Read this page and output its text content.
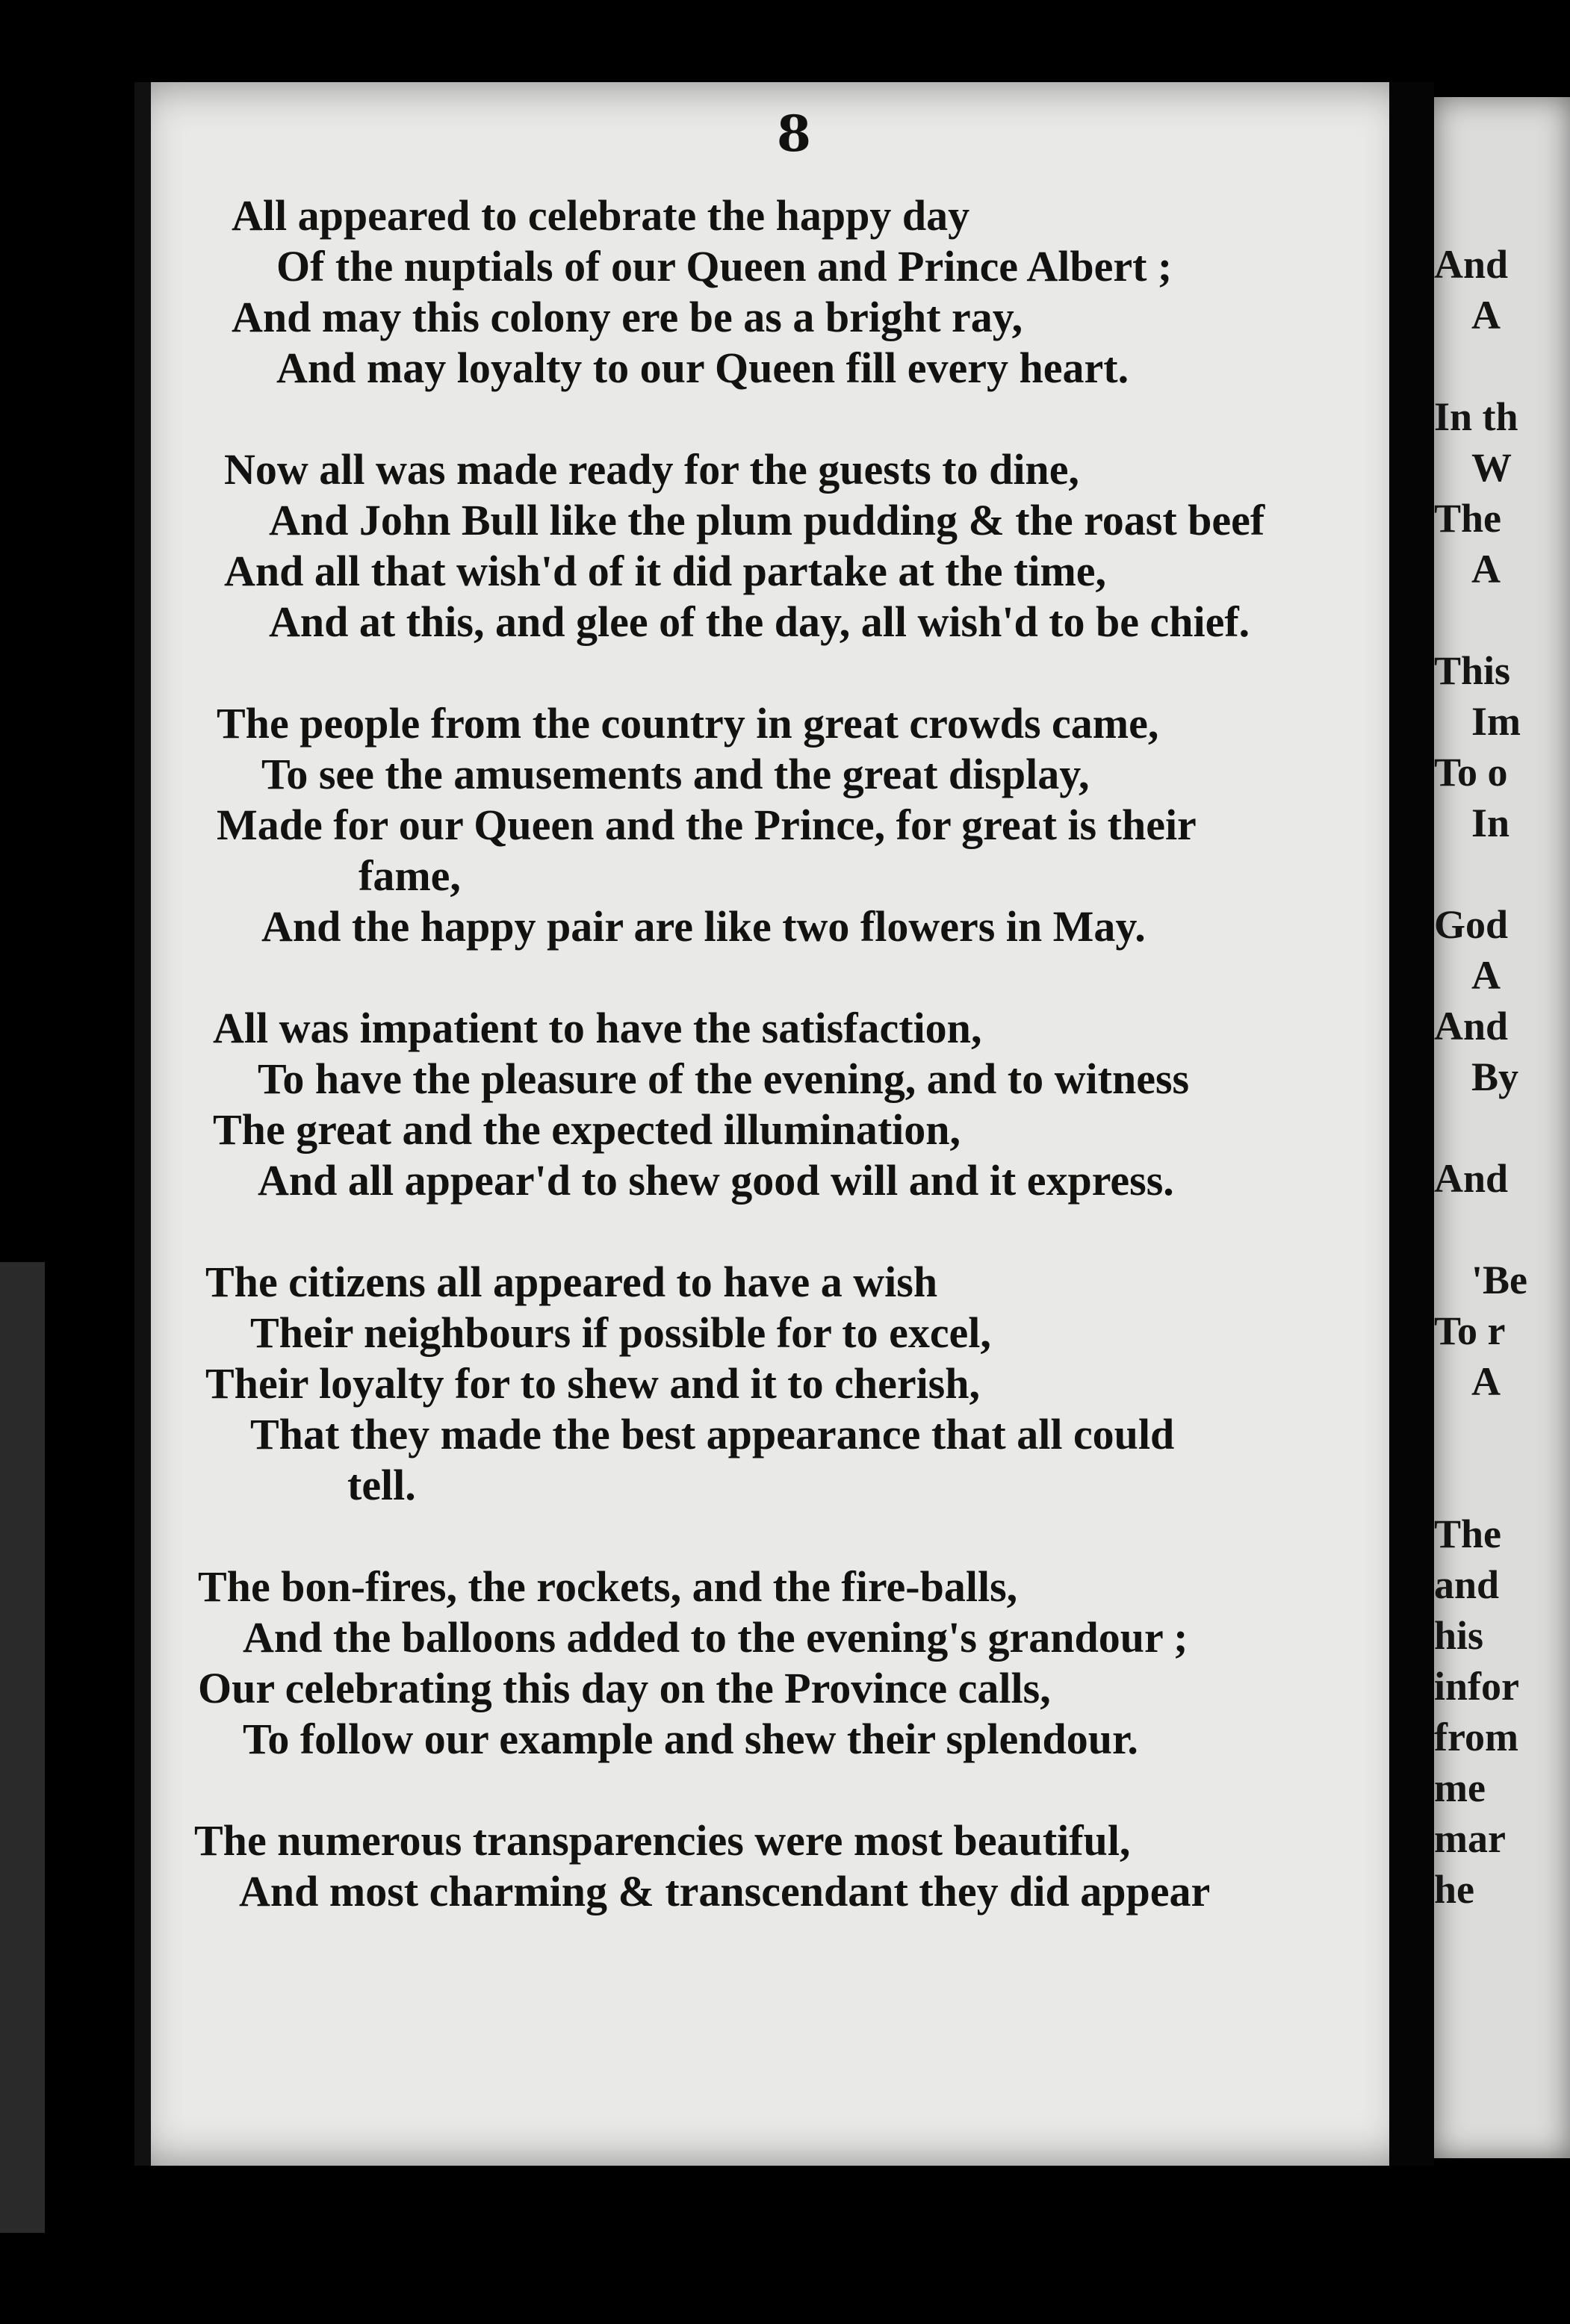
And
A
In th
W
The
A
This
Im
To o
In
God
A
And
By
And
'Be
To r
A
The
and
his
infor
from
me
mar
he
8
All appeared to celebrate the happy day
Of the nuptials of our Queen and Prince Albert ;
And may this colony ere be as a bright ray,
And may loyalty to our Queen fill every heart.
Now all was made ready for the guests to dine,
And John Bull like the plum pudding & the roast beef
And all that wish'd of it did partake at the time,
And at this, and glee of the day, all wish'd to be chief.
The people from the country in great crowds came,
To see the amusements and the great display,
Made for our Queen and the Prince, for great is their
fame,
And the happy pair are like two flowers in May.
All was impatient to have the satisfaction,
To have the pleasure of the evening, and to witness
The great and the expected illumination,
And all appear'd to shew good will and it express.
The citizens all appeared to have a wish
Their neighbours if possible for to excel,
Their loyalty for to shew and it to cherish,
That they made the best appearance that all could
tell.
The bon-fires, the rockets, and the fire-balls,
And the balloons added to the evening's grandour ;
Our celebrating this day on the Province calls,
To follow our example and shew their splendour.
The numerous transparencies were most beautiful,
And most charming & transcendant they did appear
